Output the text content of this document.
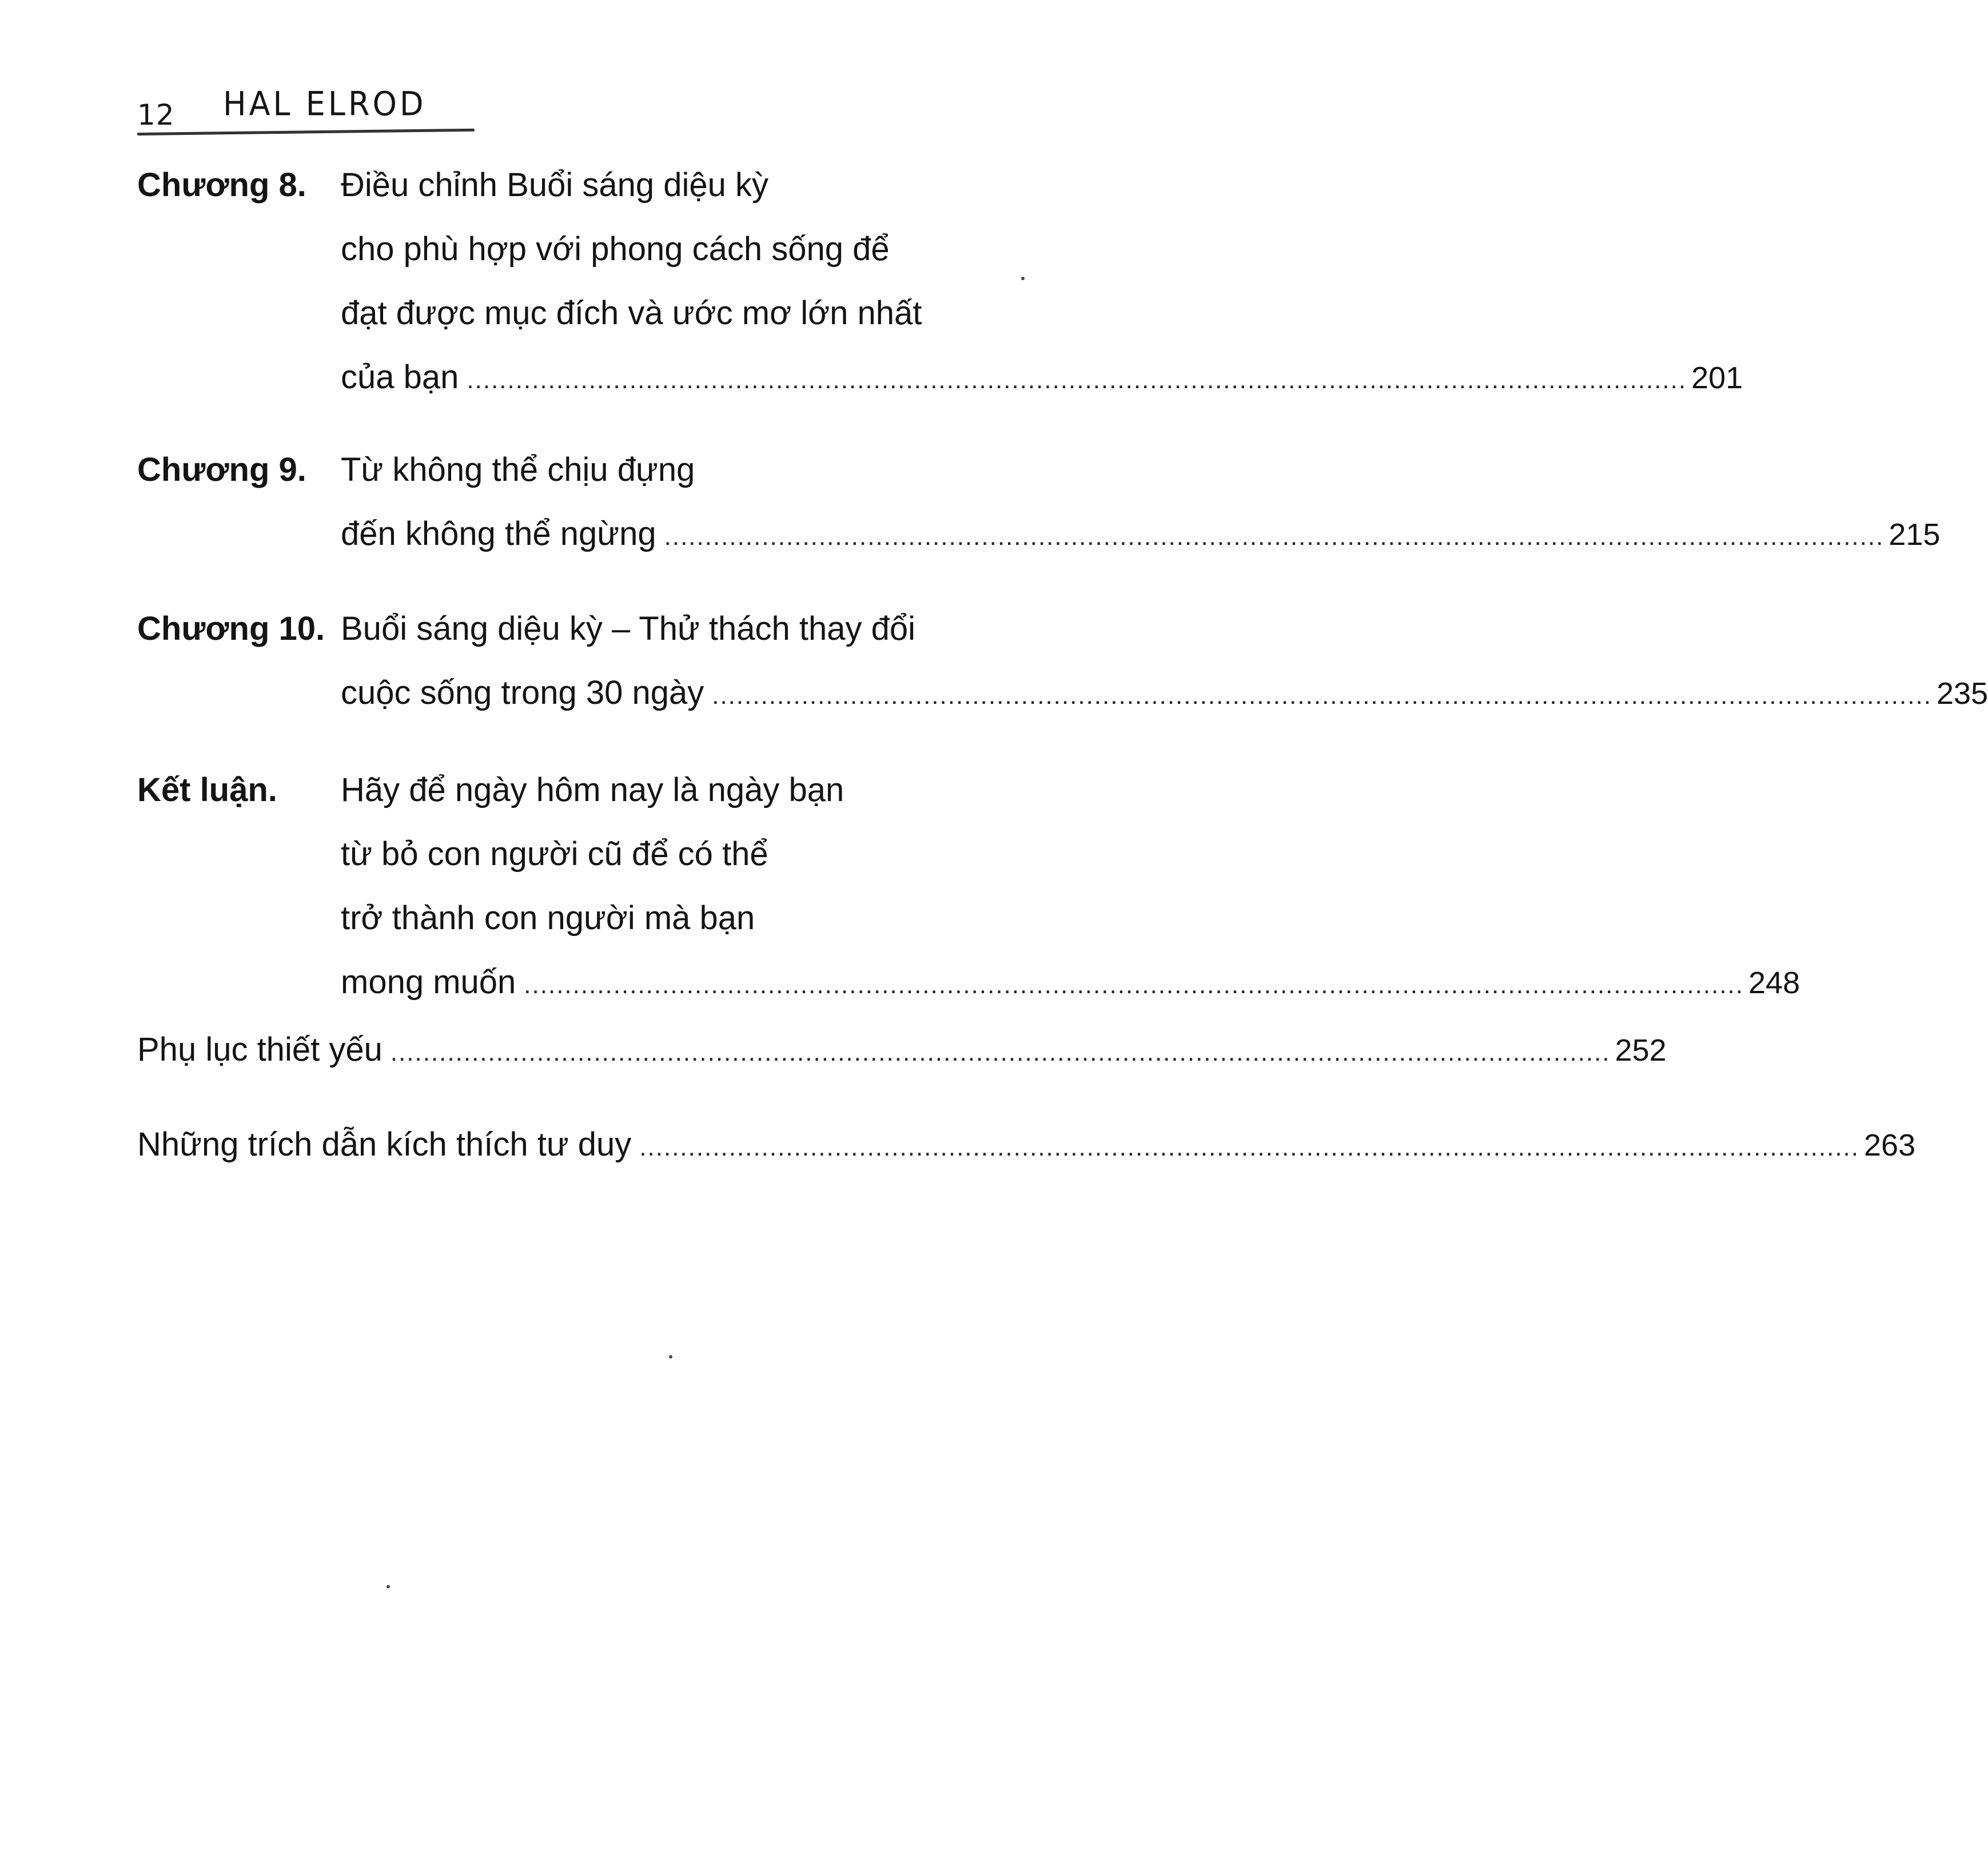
12 HAL ELROD
Chương 8. Điều chỉnh Buổi sáng diệu kỳ
cho phù hợp với phong cách sống để
đạt được mục đích và ước mơ lớn nhất
của bạn ...................................................................................................................................................... 201
Chương 9. Từ không thể chịu đựng
đến không thể ngừng ...................................................................................................................................................... 215
Chương 10. Buổi sáng diệu kỳ – Thử thách thay đổi
cuộc sống trong 30 ngày ...................................................................................................................................................... 235
Kết luận. Hãy để ngày hôm nay là ngày bạn
từ bỏ con người cũ để có thể
trở thành con người mà bạn
mong muốn ...................................................................................................................................................... 248
Phụ lục thiết yếu ...................................................................................................................................................... 252
Những trích dẫn kích thích tư duy ...................................................................................................................................................... 263
